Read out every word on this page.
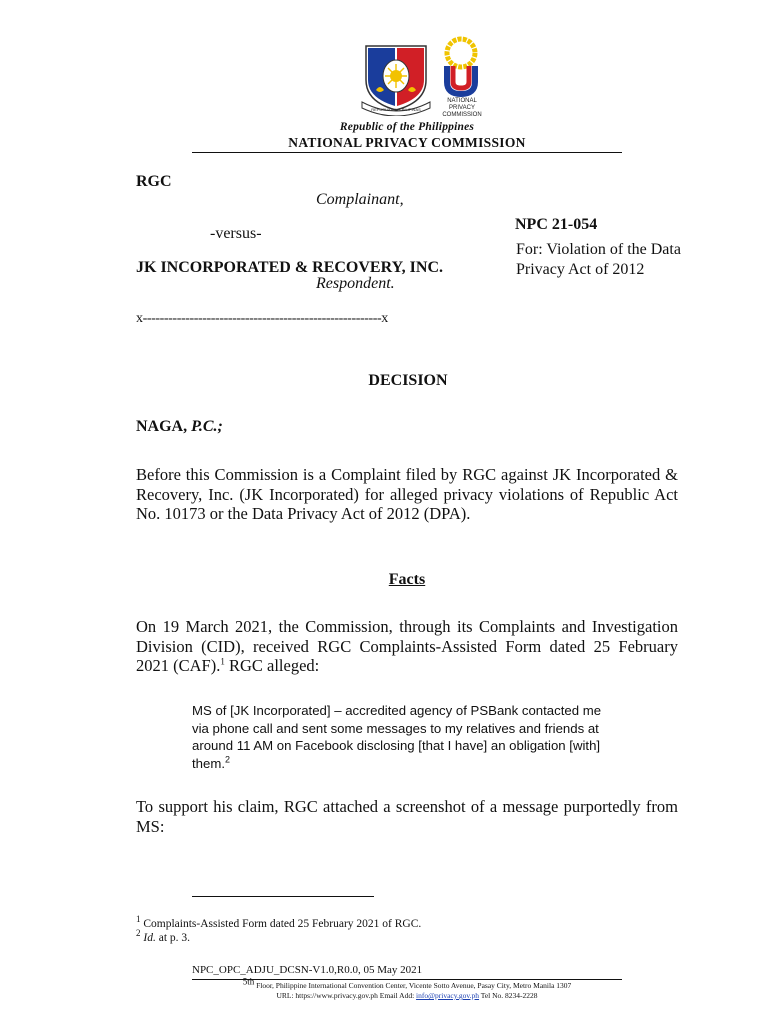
REPUBLIKA NG PILIPINAS
NATIONAL
PRIVACY
COMMISSION
Republic of the Philippines
NATIONAL PRIVACY COMMISSION
RGC
Complainant,
-versus-
NPC 21-054
For: Violation of the Data Privacy Act of 2012
JK INCORPORATED & RECOVERY, INC.
Respondent.
x--------------------------------------------------------x
DECISION
NAGA, P.C.;
Before this Commission is a Complaint filed by RGC against JK Incorporated & Recovery, Inc. (JK Incorporated) for alleged privacy violations of Republic Act No. 10173 or the Data Privacy Act of 2012 (DPA).
Facts
On 19 March 2021, the Commission, through its Complaints and Investigation Division (CID), received RGC Complaints-Assisted Form dated 25 February 2021 (CAF).$^1$ RGC alleged:
MS of [JK Incorporated] – accredited agency of PSBank contacted me via phone call and sent some messages to my relatives and friends at around 11 AM on Facebook disclosing [that I have] an obligation [with] them.$^2$
To support his claim, RGC attached a screenshot of a message purportedly from MS:
$^1$ Complaints-Assisted Form dated 25 February 2021 of RGC.
$^2$ Id. at p. 3.
NPC_OPC_ADJU_DCSN-V1.0,R0.0, 05 May 2021
$^{5th}$ Floor, Philippine International Convention Center, Vicente Sotto Avenue, Pasay City, Metro Manila 1307
URL: https://www.privacy.gov.ph Email Add: info@privacy.gov.ph Tel No. 8234-2228
